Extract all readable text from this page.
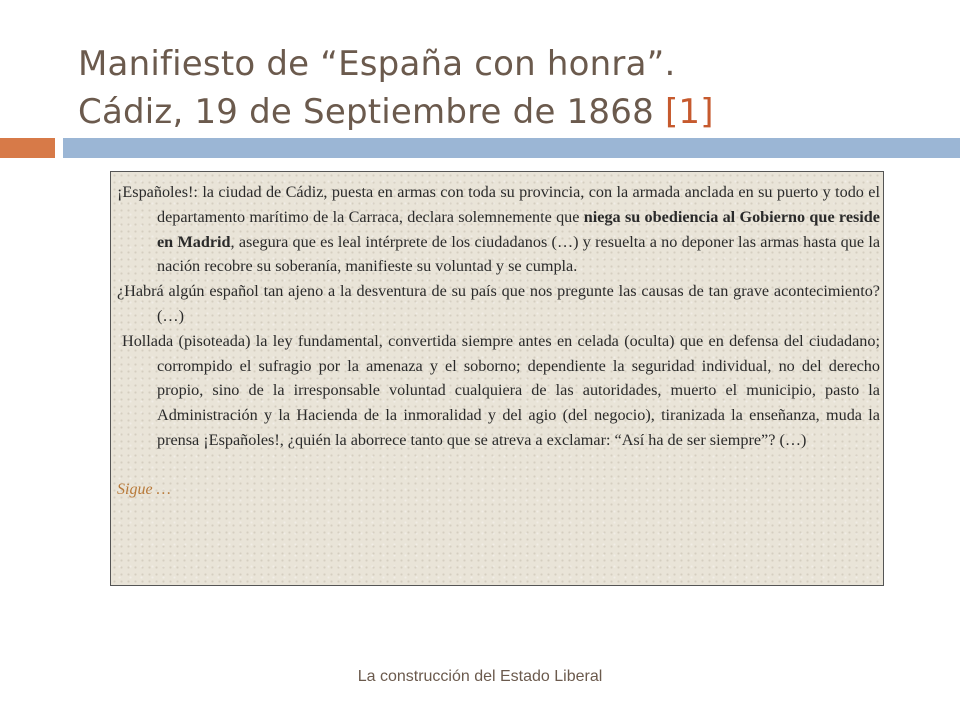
Manifiesto de “España con honra”.
Cádiz, 19 de Septiembre de 1868 [1]

¡Españoles!: la ciudad de Cádiz, puesta en armas con toda su provincia, con la armada anclada en su puerto y todo el departamento marítimo de la Carraca, declara solemnemente que niega su obediencia al Gobierno que reside en Madrid, asegura que es leal intérprete de los ciudadanos (…) y resuelta a no deponer las armas hasta que la nación recobre su soberanía, manifieste su voluntad y se cumpla.

¿Habrá algún español tan ajeno a la desventura de su país que nos pregunte las causas de tan grave acontecimiento? (…)

Hollada (pisoteada) la ley fundamental, convertida siempre antes en celada (oculta) que en defensa del ciudadano; corrompido el sufragio por la amenaza y el soborno; dependiente la seguridad individual, no del derecho propio, sino de la irresponsable voluntad cualquiera de las autoridades, muerto el municipio, pasto la Administración y la Hacienda de la inmoralidad y del agio (del negocio), tiranizada la enseñanza, muda la prensa ¡Españoles!, ¿quién la aborrece tanto que se atreva a exclamar: “Así ha de ser siempre”? (…)

Sigue …
La construcción del Estado Liberal
